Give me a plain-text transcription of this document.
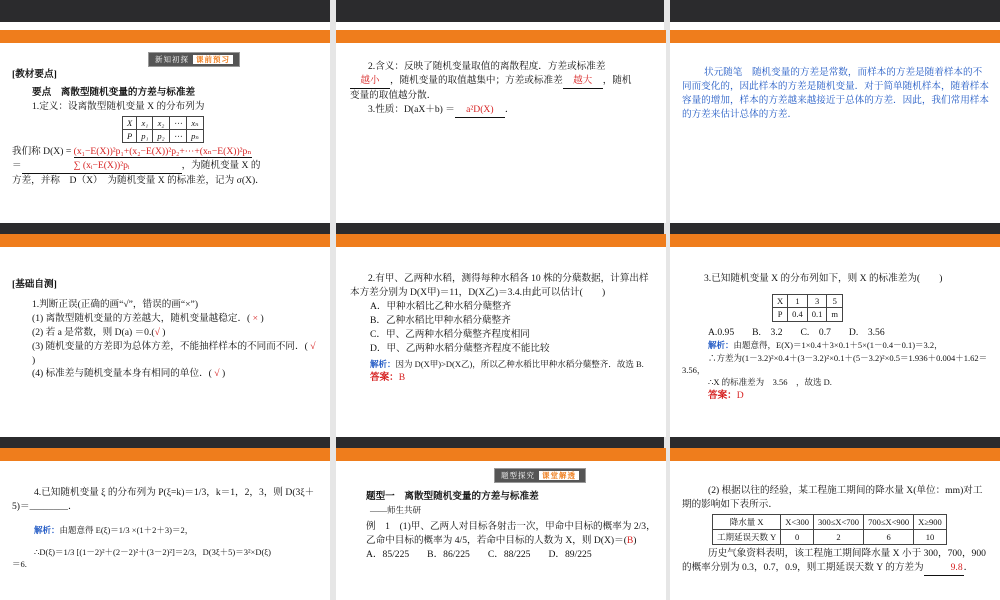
新知初探 课前预习
[教材要点]
要点　离散型随机变量的方差与标准差
1.定义：设离散型随机变量 X 的分布列为
X	x₁	x₂	⋯	xₙ
P	p₁	p₂	⋯	pₙ
我们称 D(X) = (x₁−E(X))²p₁+(x₂−E(X))²p₂+⋯+(xₙ−E(X))²pₙ
＝	∑ (xᵢ−E(X))²pᵢ	，为随机变量 X 的
方差，并称　D（X）　为随机变量 X 的标准差，记为 σ(X)．
2.含义：反映了随机变量取值的离散程度．方差或标准差
越小 ，随机变量的取值越集中；方差或标准差 越大 ，随机
变量的取值越分散．
3.性质：D(aX＋b) ＝ a²D(X) ．
状元随笔　 随机变量的方差是常数，而样本的方差是随着样本的不同而变化的，因此样本的方差是随机变量．对于简单随机样本，随着样本容量的增加，样本的方差越来越接近于总体的方差．因此，我们常用样本的方差来估计总体的方差．
[基础自测]
1.判断正误(正确的画“√”，错误的画“×”)
(1) 离散型随机变量的方差越大，随机变量越稳定．( × )
(2) 若 a 是常数，则 D(a) ＝0.(√ )
(3) 随机变量的方差即为总体方差，不能抽样样本的不同而不同．( √ )
(4) 标准差与随机变量本身有相同的单位．( √ )
2.有甲、乙两种水稻，测得每种水稻各 10 株的分蘖数据，计算出样本方差分别为 D(X甲)＝11，D(X乙)＝3.4.由此可以估计(　　)
A．甲种水稻比乙种水稻分蘖整齐
B．乙种水稻比甲种水稻分蘖整齐
C．甲、乙两种水稻分蘖整齐程度相同
D．甲、乙两种水稻分蘖整齐程度不能比较
解析：因为 D(X甲)>D(X乙)，所以乙种水稻比甲种水稻分蘖整齐．故选 B.
答案：B
3.已知随机变量 X 的分布列如下，则 X 的标准差为(　　)
X	1	3	5
P	0.4	0.1	m
A.0.95 B.　3.2 C.　0.7 D.　3.56
解析：由题意得，E(X)＝1×0.4＋3×0.1＋5×(1－0.4－0.1)＝3.2，
∴方差为(1－3.2)²×0.4＋(3－3.2)²×0.1＋(5－3.2)²×0.5＝1.936＋0.004＋1.62＝3.56，
∴X 的标准差为　3.56　，故选 D.
答案：D
4.已知随机变量 ξ 的分布列为 P(ξ=k)＝1/3，k＝1，2，3，则 D(3ξ＋5)＝________．
解析：由题意得 E(ξ)＝1/3 ×(1＋2＋3)＝2，
∴D(ξ)＝1/3 [(1－2)²＋(2－2)²＋(3－2)²]＝2/3，D(3ξ＋5)＝3²×D(ξ)
＝6.
题型探究 课堂解透
题型一　离散型随机变量的方差与标准差
——师生共研
例　1　(1)甲、乙两人对目标各射击一次，甲命中目标的概率为 2/3，乙命中目标的概率为 4/5，若命中目标的人数为 X，则 D(X)＝(B)
A．85/225 B．86/225 C．88/225 D．89/225
(2) 根据以往的经验，某工程施工期间的降水量 X(单位：mm)对工期的影响如下表所示．
降水量 X	X<300	300≤X<700	700≤X<900	X≥900
工期延误天数 Y	0	2	6	10
历史气象资料表明，该工程施工期间降水量 X 小于 300，700，900 的概率分别为 0.3，0.7，0.9，则工期延误天数 Y 的方差为	9.8．
